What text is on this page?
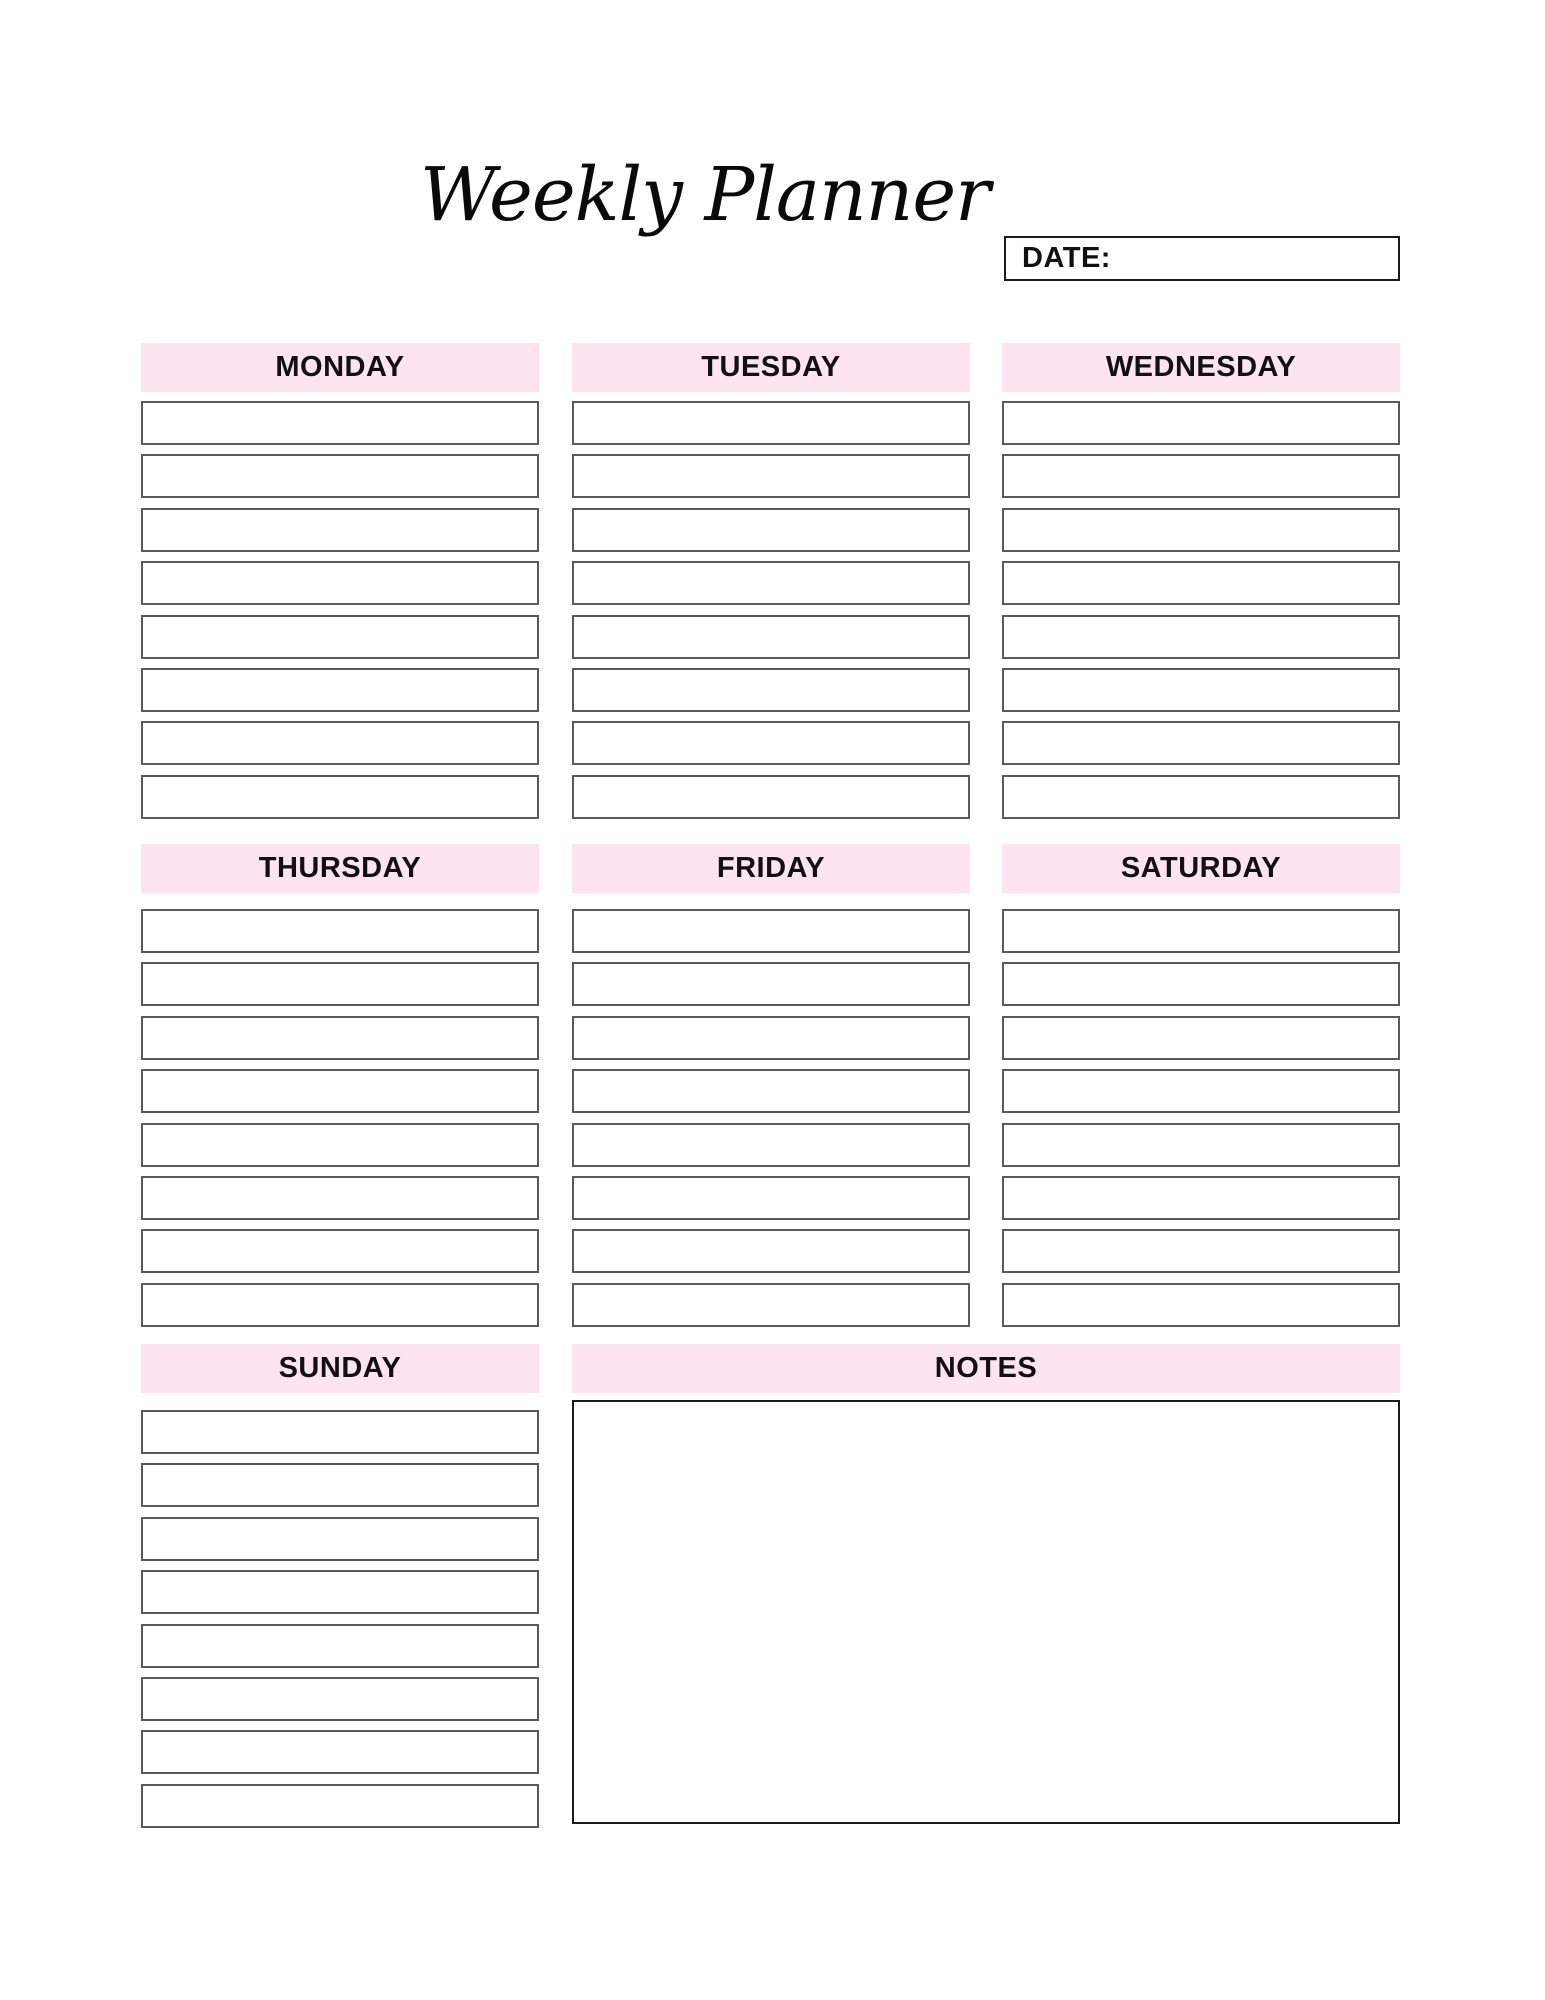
Weekly Planner
DATE:
MONDAY	TUESDAY	WEDNESDAY
THURSDAY	FRIDAY	SATURDAY
SUNDAY	NOTES
